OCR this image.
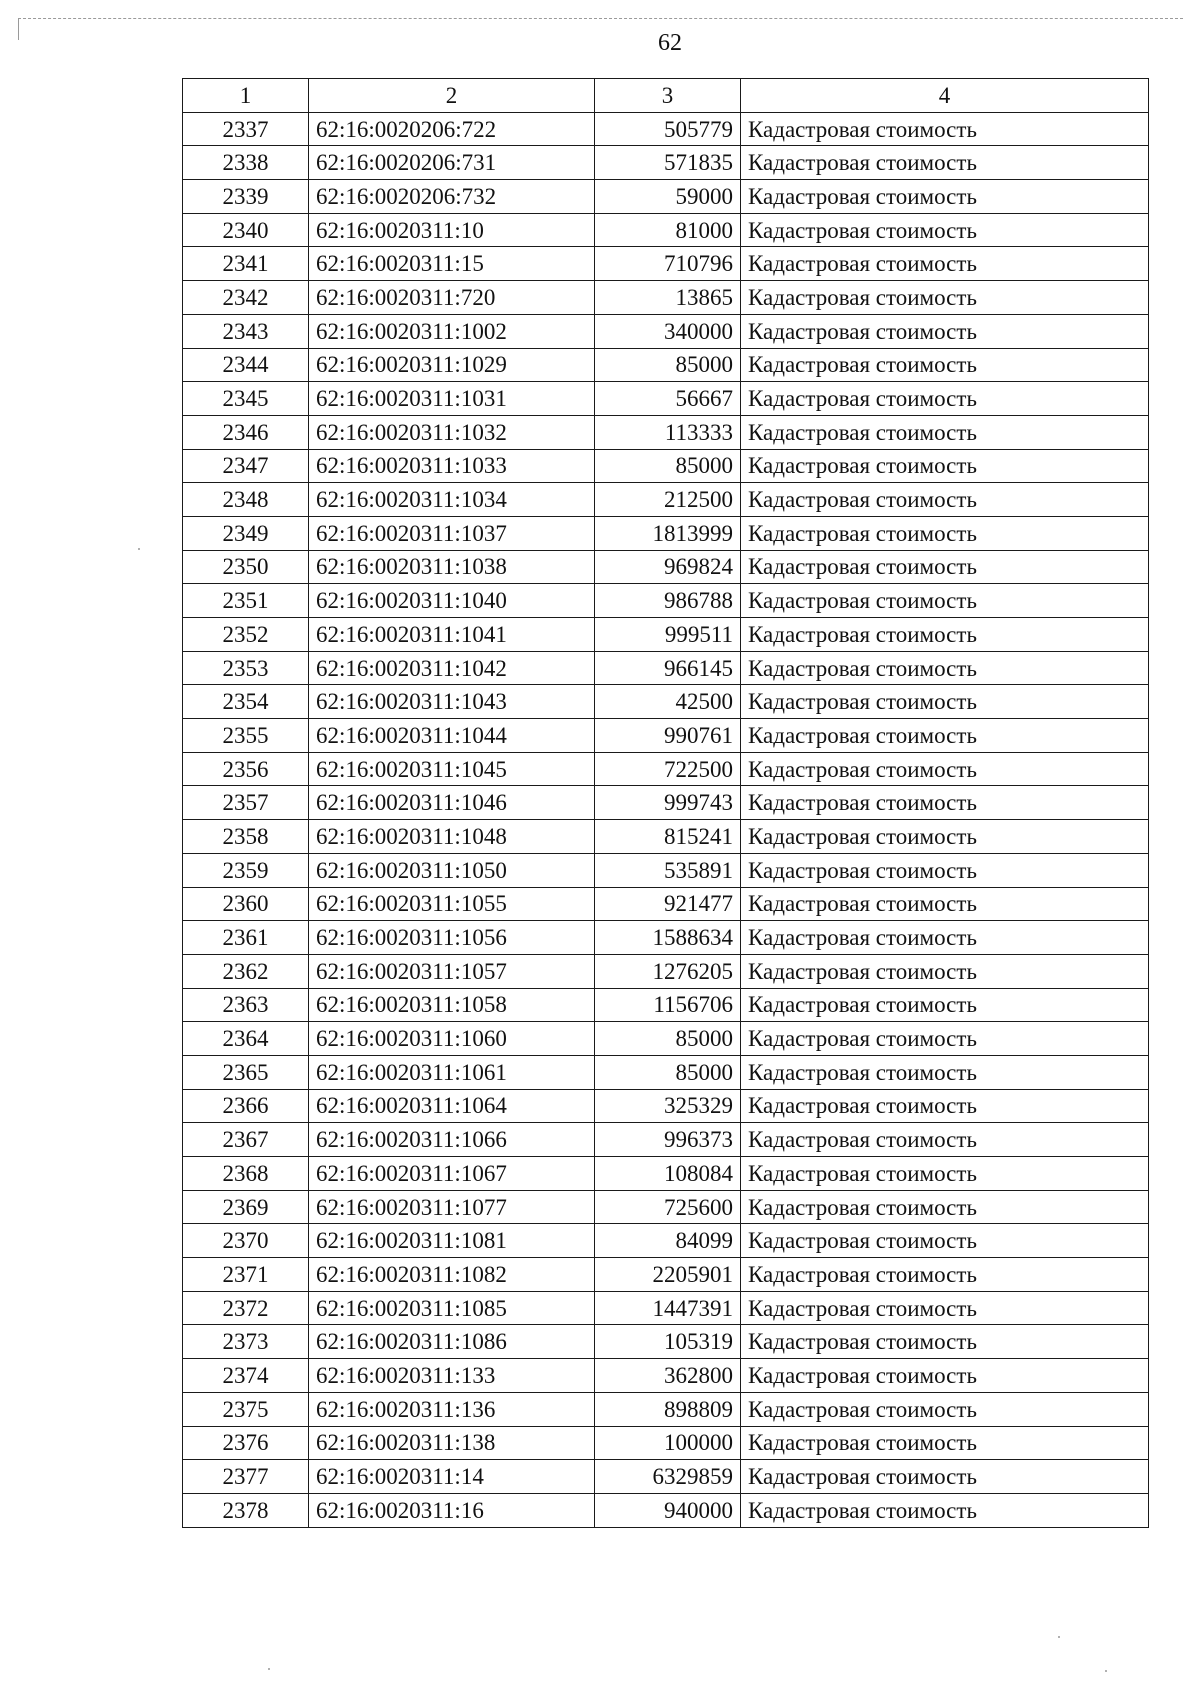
62
1	2	3	4
2337	62:16:0020206:722	505779	Кадастровая стоимость
2338	62:16:0020206:731	571835	Кадастровая стоимость
2339	62:16:0020206:732	59000	Кадастровая стоимость
2340	62:16:0020311:10	81000	Кадастровая стоимость
2341	62:16:0020311:15	710796	Кадастровая стоимость
2342	62:16:0020311:720	13865	Кадастровая стоимость
2343	62:16:0020311:1002	340000	Кадастровая стоимость
2344	62:16:0020311:1029	85000	Кадастровая стоимость
2345	62:16:0020311:1031	56667	Кадастровая стоимость
2346	62:16:0020311:1032	113333	Кадастровая стоимость
2347	62:16:0020311:1033	85000	Кадастровая стоимость
2348	62:16:0020311:1034	212500	Кадастровая стоимость
2349	62:16:0020311:1037	1813999	Кадастровая стоимость
2350	62:16:0020311:1038	969824	Кадастровая стоимость
2351	62:16:0020311:1040	986788	Кадастровая стоимость
2352	62:16:0020311:1041	999511	Кадастровая стоимость
2353	62:16:0020311:1042	966145	Кадастровая стоимость
2354	62:16:0020311:1043	42500	Кадастровая стоимость
2355	62:16:0020311:1044	990761	Кадастровая стоимость
2356	62:16:0020311:1045	722500	Кадастровая стоимость
2357	62:16:0020311:1046	999743	Кадастровая стоимость
2358	62:16:0020311:1048	815241	Кадастровая стоимость
2359	62:16:0020311:1050	535891	Кадастровая стоимость
2360	62:16:0020311:1055	921477	Кадастровая стоимость
2361	62:16:0020311:1056	1588634	Кадастровая стоимость
2362	62:16:0020311:1057	1276205	Кадастровая стоимость
2363	62:16:0020311:1058	1156706	Кадастровая стоимость
2364	62:16:0020311:1060	85000	Кадастровая стоимость
2365	62:16:0020311:1061	85000	Кадастровая стоимость
2366	62:16:0020311:1064	325329	Кадастровая стоимость
2367	62:16:0020311:1066	996373	Кадастровая стоимость
2368	62:16:0020311:1067	108084	Кадастровая стоимость
2369	62:16:0020311:1077	725600	Кадастровая стоимость
2370	62:16:0020311:1081	84099	Кадастровая стоимость
2371	62:16:0020311:1082	2205901	Кадастровая стоимость
2372	62:16:0020311:1085	1447391	Кадастровая стоимость
2373	62:16:0020311:1086	105319	Кадастровая стоимость
2374	62:16:0020311:133	362800	Кадастровая стоимость
2375	62:16:0020311:136	898809	Кадастровая стоимость
2376	62:16:0020311:138	100000	Кадастровая стоимость
2377	62:16:0020311:14	6329859	Кадастровая стоимость
2378	62:16:0020311:16	940000	Кадастровая стоимость
